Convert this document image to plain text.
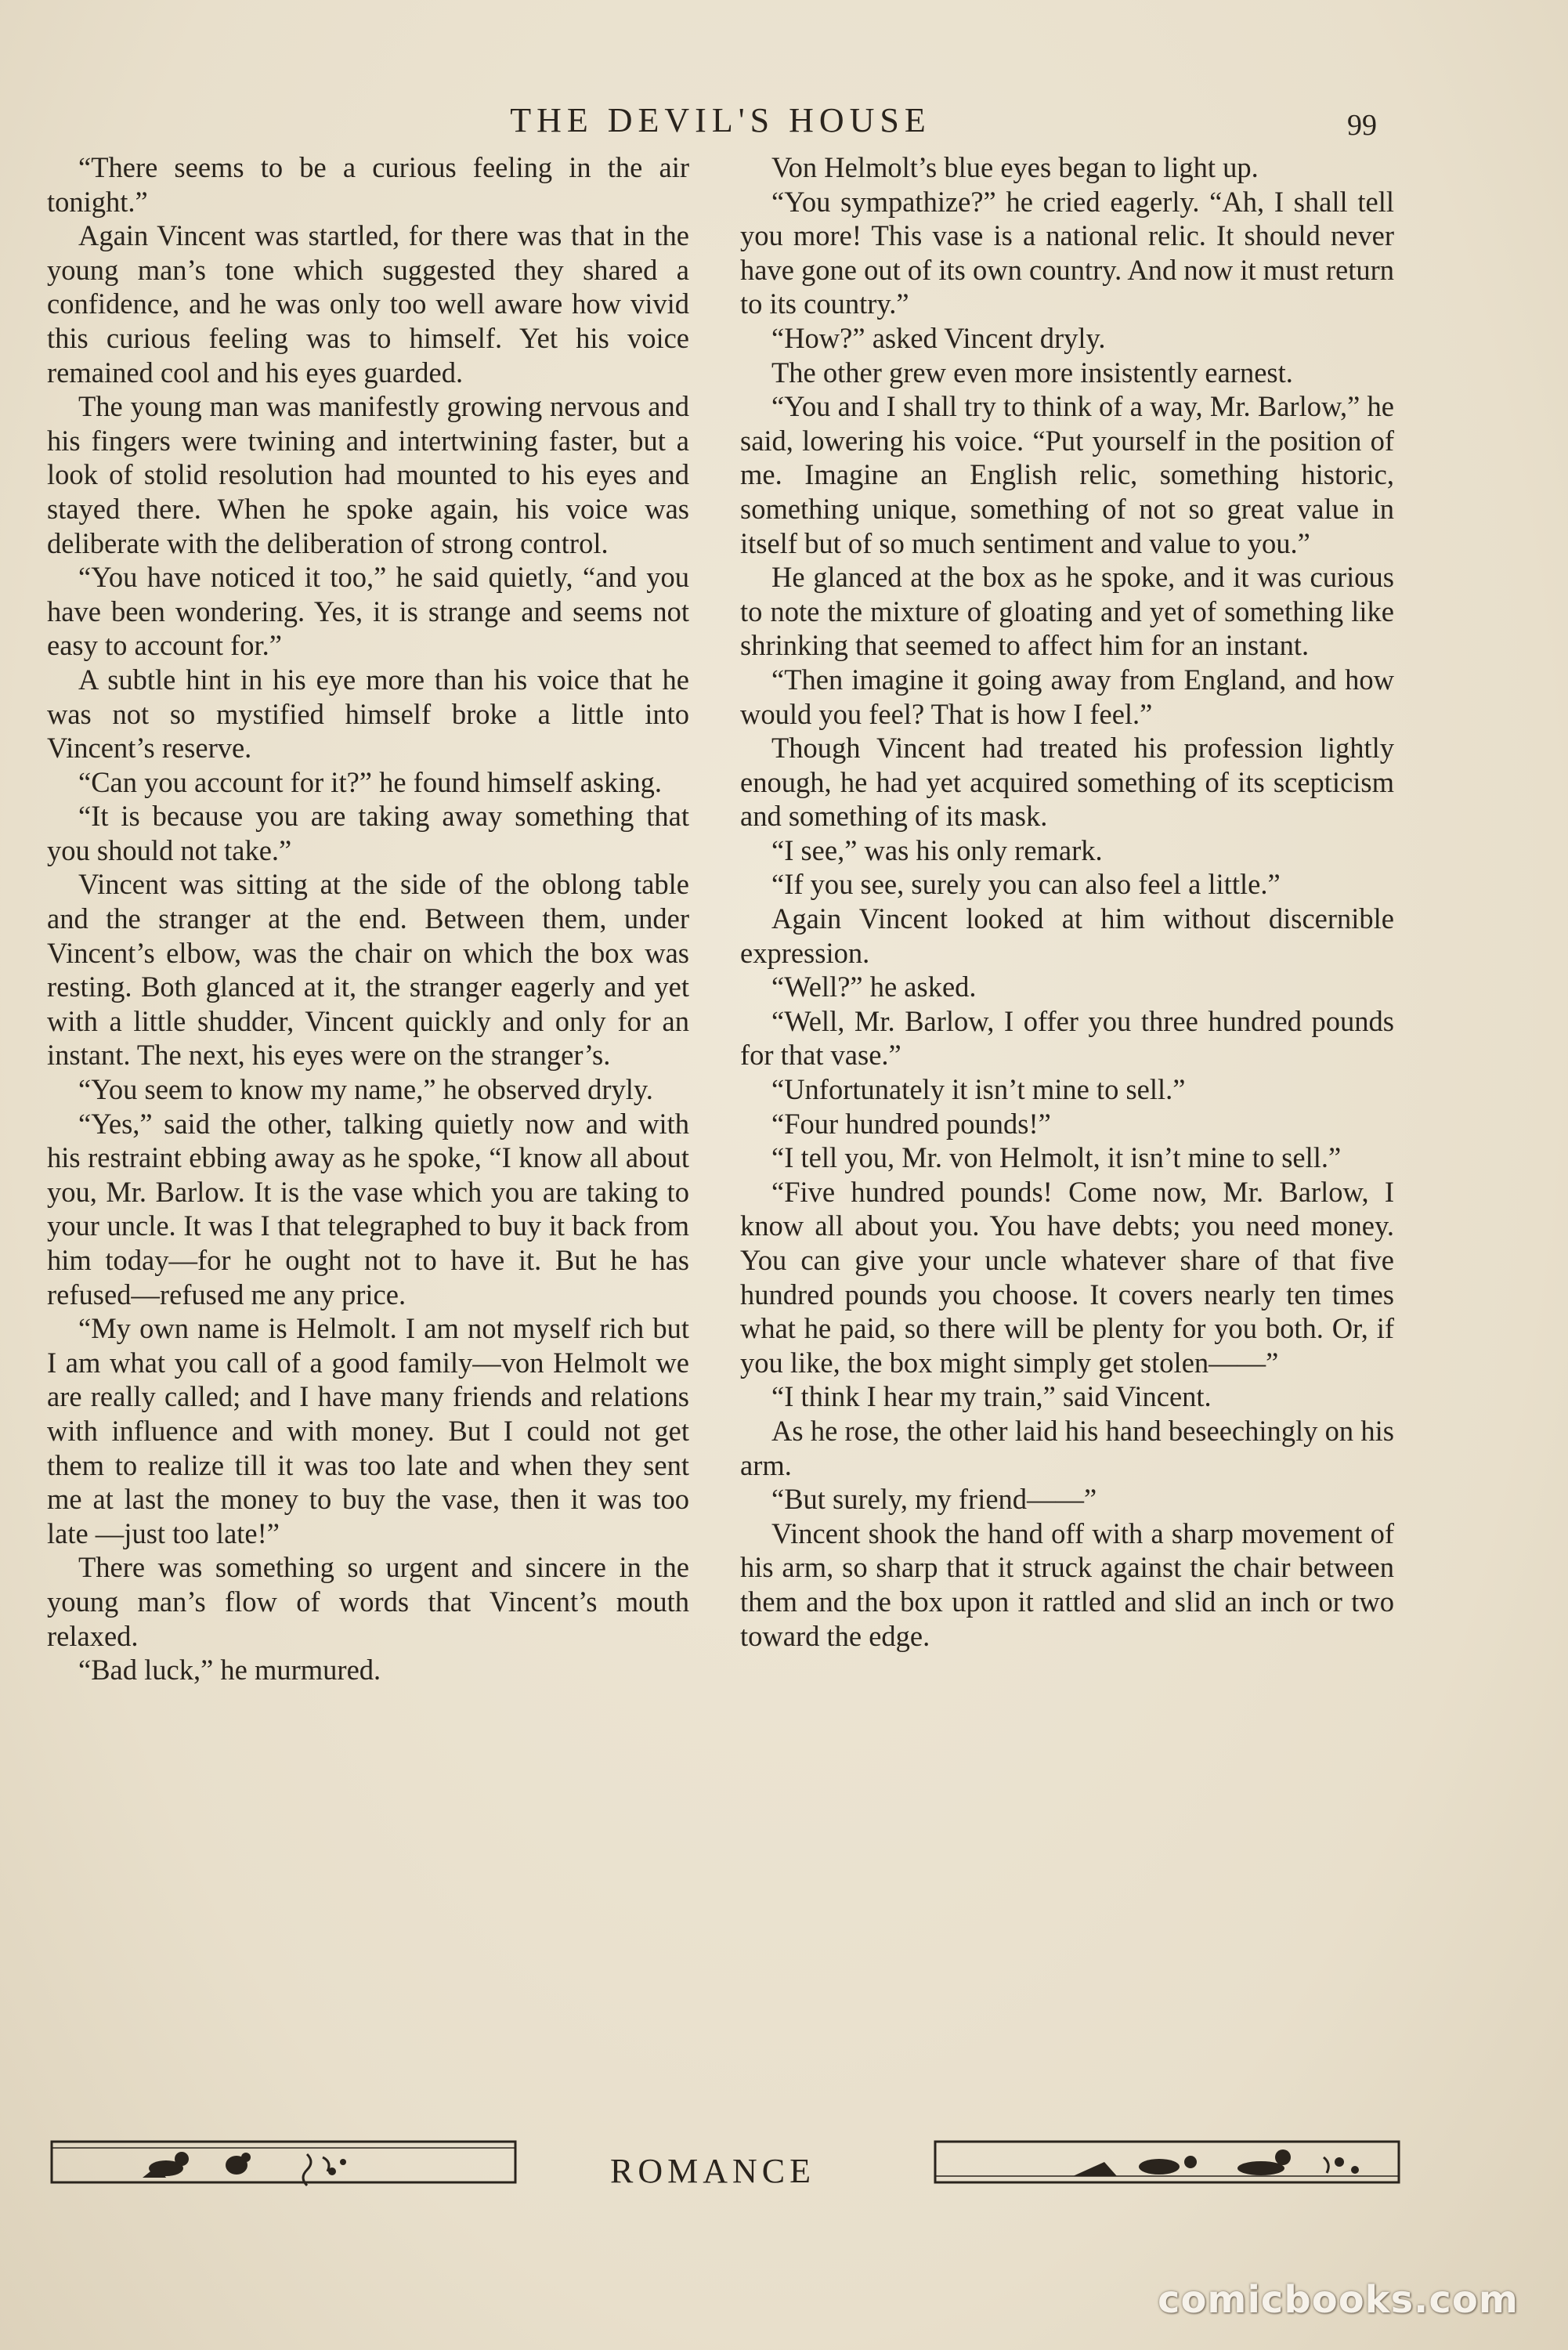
THE DEVIL'S HOUSE	99

“There seems to be a curious feeling in the air tonight.”

Again Vincent was startled, for there was that in the young man’s tone which suggested they shared a confidence, and he was only too well aware how vivid this curious feeling was to himself. Yet his voice remained cool and his eyes guarded.

The young man was manifestly growing nervous and his fingers were twining and intertwining faster, but a look of stolid resolution had mounted to his eyes and stayed there. When he spoke again, his voice was deliberate with the deliberation of strong control.

“You have noticed it too,” he said quietly, “and you have been wondering. Yes, it is strange and seems not easy to account for.”

A subtle hint in his eye more than his voice that he was not so mystified himself broke a little into Vincent’s reserve.

“Can you account for it?” he found himself asking.

“It is because you are taking away something that you should not take.”

Vincent was sitting at the side of the oblong table and the stranger at the end. Between them, under Vincent’s elbow, was the chair on which the box was resting. Both glanced at it, the stranger eagerly and yet with a little shudder, Vincent quickly and only for an instant. The next, his eyes were on the stranger’s.

“You seem to know my name,” he observed dryly.

“Yes,” said the other, talking quietly now and with his restraint ebbing away as he spoke, “I know all about you, Mr. Barlow. It is the vase which you are taking to your uncle. It was I that telegraphed to buy it back from him today—for he ought not to have it. But he has refused—refused me any price.

“My own name is Helmolt. I am not myself rich but I am what you call of a good family—von Helmolt we are really called; and I have many friends and relations with influence and with money. But I could not get them to realize till it was too late and when they sent me at last the money to buy the vase, then it was too late —just too late!”

There was something so urgent and sincere in the young man’s flow of words that Vincent’s mouth relaxed.

“Bad luck,” he murmured.

Von Helmolt’s blue eyes began to light up.

“You sympathize?” he cried eagerly. “Ah, I shall tell you more! This vase is a national relic. It should never have gone out of its own country. And now it must return to its country.”

“How?” asked Vincent dryly.

The other grew even more insistently earnest.

“You and I shall try to think of a way, Mr. Barlow,” he said, lowering his voice. “Put yourself in the position of me. Imagine an English relic, something historic, something unique, something of not so great value in itself but of so much sentiment and value to you.”

He glanced at the box as he spoke, and it was curious to note the mixture of gloating and yet of something like shrinking that seemed to affect him for an instant.

“Then imagine it going away from England, and how would you feel? That is how I feel.”

Though Vincent had treated his profession lightly enough, he had yet acquired something of its scepticism and something of its mask.

“I see,” was his only remark.

“If you see, surely you can also feel a little.”

Again Vincent looked at him without discernible expression.

“Well?” he asked.

“Well, Mr. Barlow, I offer you three hundred pounds for that vase.”

“Unfortunately it isn’t mine to sell.”

“Four hundred pounds!”

“I tell you, Mr. von Helmolt, it isn’t mine to sell.”

“Five hundred pounds! Come now, Mr. Barlow, I know all about you. You have debts; you need money. You can give your uncle whatever share of that five hundred pounds you choose. It covers nearly ten times what he paid, so there will be plenty for you both. Or, if you like, the box might simply get stolen——”

“I think I hear my train,” said Vincent.

As he rose, the other laid his hand beseechingly on his arm.

“But surely, my friend——”

Vincent shook the hand off with a sharp movement of his arm, so sharp that it struck against the chair between them and the box upon it rattled and slid an inch or two toward the edge.

ROMANCE
comicbooks.com
